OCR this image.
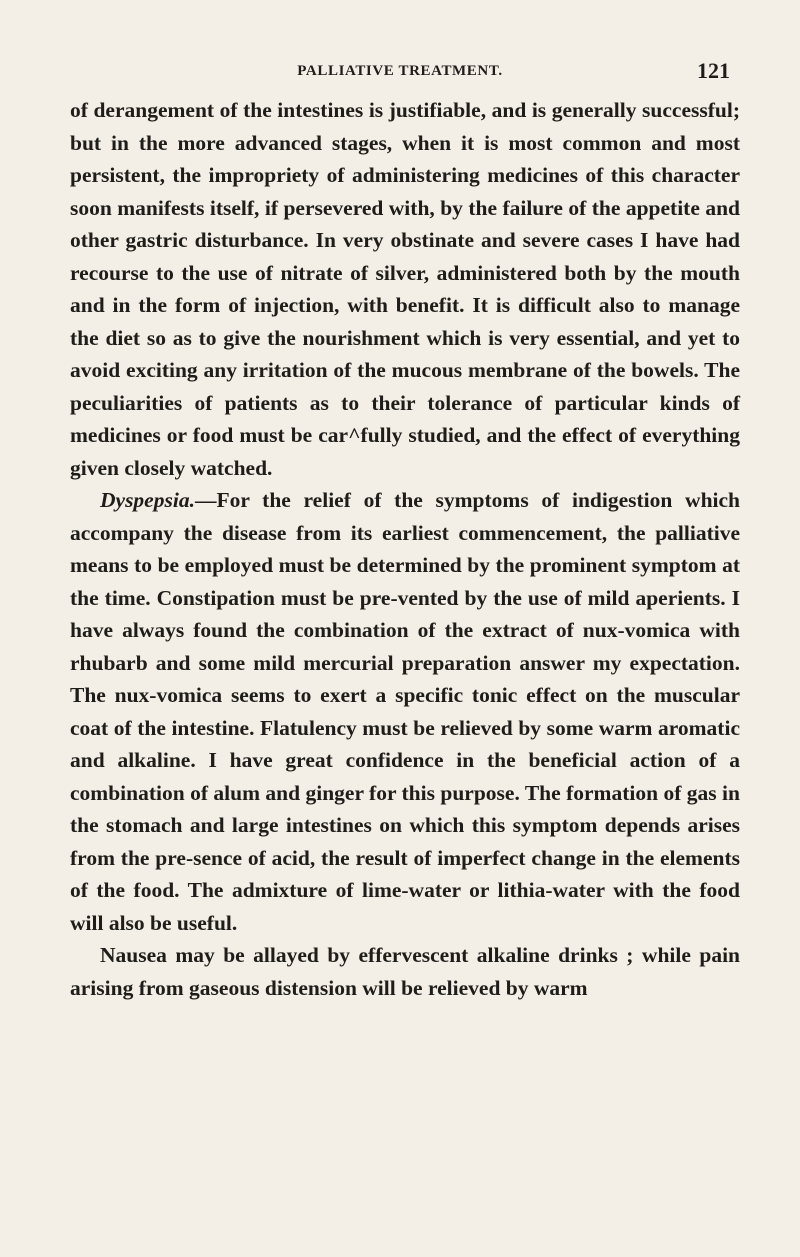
PALLIATIVE TREATMENT.	121

of derangement of the intestines is justifiable, and is generally successful; but in the more advanced stages, when it is most common and most persistent, the impropriety of administering medicines of this character soon manifests itself, if persevered with, by the failure of the appetite and other gastric disturbance. In very obstinate and severe cases I have had recourse to the use of nitrate of silver, administered both by the mouth and in the form of injection, with benefit. It is difficult also to manage the diet so as to give the nourishment which is very essential, and yet to avoid exciting any irritation of the mucous membrane of the bowels. The peculiarities of patients as to their tolerance of particular kinds of medicines or food must be car^fully studied, and the effect of everything given closely watched.

Dyspepsia.—For the relief of the symptoms of indigestion which accompany the disease from its earliest commencement, the palliative means to be employed must be determined by the prominent symptom at the time. Constipation must be pre-vented by the use of mild aperients. I have always found the combination of the extract of nux-vomica with rhubarb and some mild mercurial preparation answer my expectation. The nux-vomica seems to exert a specific tonic effect on the muscular coat of the intestine. Flatulency must be relieved by some warm aromatic and alkaline. I have great confidence in the beneficial action of a combination of alum and ginger for this purpose. The formation of gas in the stomach and large intestines on which this symptom depends arises from the pre-sence of acid, the result of imperfect change in the elements of the food. The admixture of lime-water or lithia-water with the food will also be useful.

Nausea may be allayed by effervescent alkaline drinks ; while pain arising from gaseous distension will be relieved by warm
